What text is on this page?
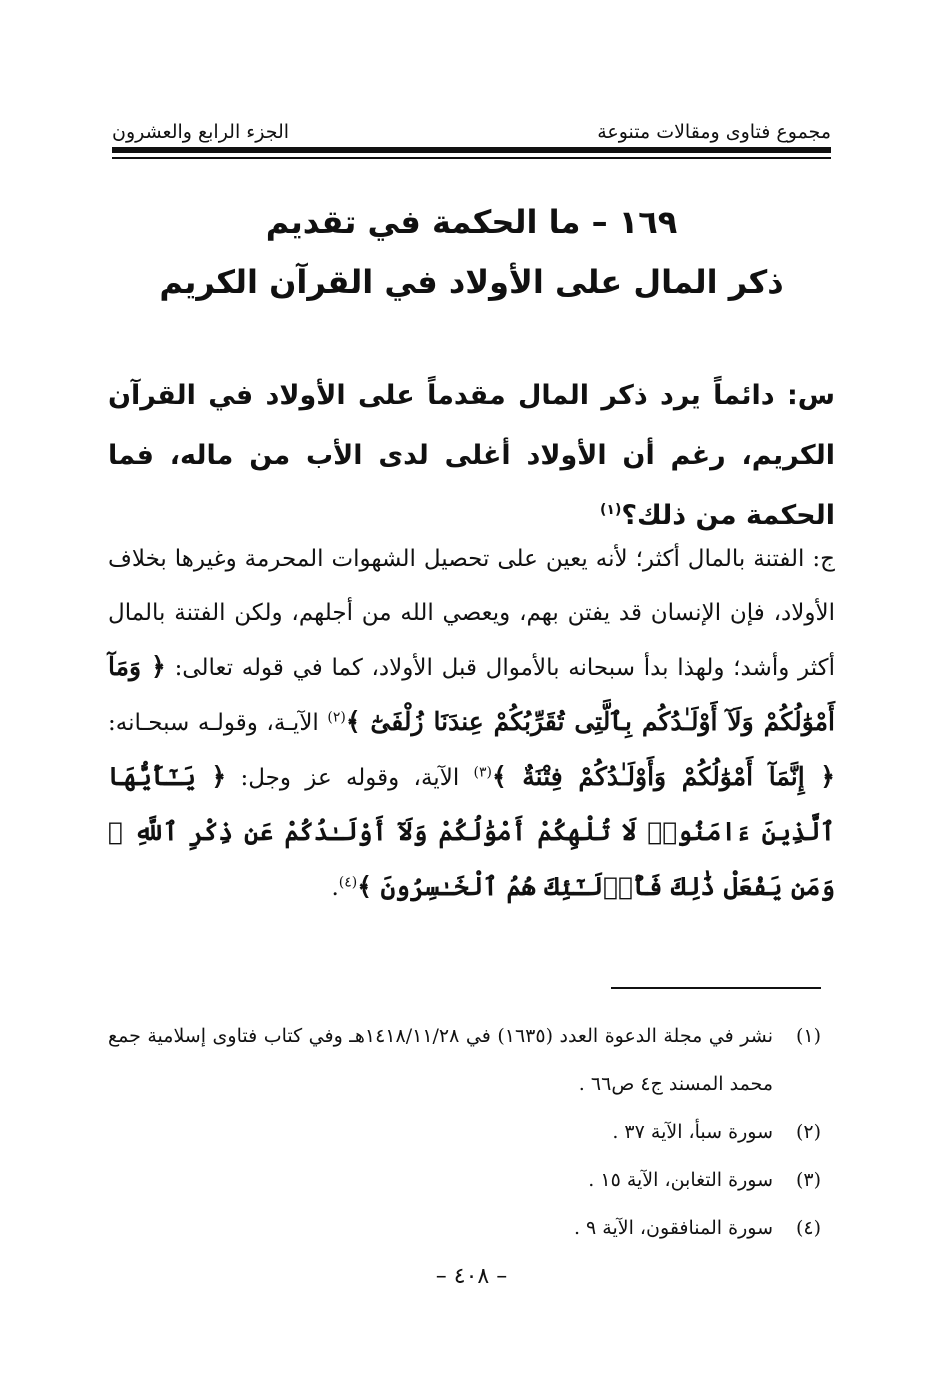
مجموع فتاوى ومقالات متنوعة
الجزء الرابع والعشرون
١٦٩ – ما الحكمة في تقديم
ذكر المال على الأولاد في القرآن الكريم
س: دائماً يرد ذكر المال مقدماً على الأولاد في القرآن الكريم، رغم أن الأولاد أغلى لدى الأب من ماله، فما الحكمة من ذلك؟$^{(١)}$
ج: الفتنة بالمال أكثر؛ لأنه يعين على تحصيل الشهوات المحرمة وغيرها بخلاف الأولاد، فإن الإنسان قد يفتن بهم، ويعصي الله من أجلهم، ولكن الفتنة بالمال أكثر وأشد؛ ولهذا بدأ سبحانه بالأموال قبل الأولاد، كما في قوله تعالى: ﴿ وَمَآ أَمْوَٰلُكُمْ وَلَآ أَوْلَـٰدُكُم بِٱلَّتِى تُقَرِّبُكُمْ عِندَنَا زُلْفَىٰٓ ﴾$^{(٢)}$ الآيـة، وقولـه سبحـانه: ﴿ إِنَّمَآ أَمْوَٰلُكُمْ وَأَوْلَـٰدُكُمْ فِتْنَةٌ ﴾$^{(٣)}$ الآية، وقوله عز وجل: ﴿ يَـٰٓأَيُّهَا ٱلَّذِينَ ءَامَنُوا۟ لَا تُلْهِكُمْ أَمْوَٰلُكُمْ وَلَآ أَوْلَـٰدُكُمْ عَن ذِكْرِ ٱللَّهِ ۚ وَمَن يَفْعَلْ ذَٰلِكَ فَأُو۟لَـٰٓئِكَ هُمُ ٱلْخَـٰسِرُونَ ﴾$^{(٤)}$.
(١)
نشر في مجلة الدعوة العدد (١٦٣٥) في ١٤١٨/١١/٢٨هـ وفي كتاب فتاوى إسلامية جمع محمد المسند ج٤ ص٦٦ .
(٢)
سورة سبأ، الآية ٣٧ .
(٣)
سورة التغابن، الآية ١٥ .
(٤)
سورة المنافقون، الآية ٩ .
– ٤٠٨ –
